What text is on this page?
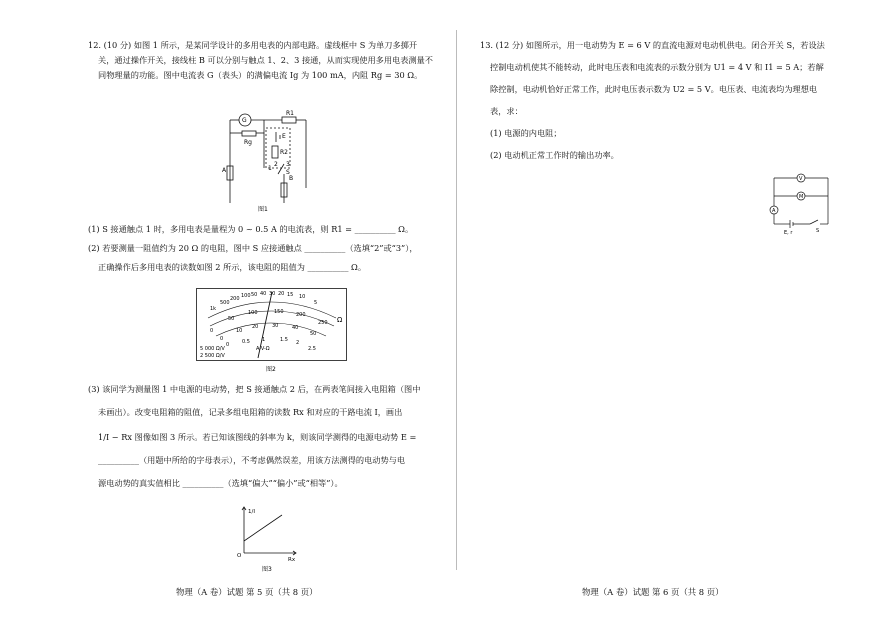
12. (10 分) 如图 1 所示，是某同学设计的多用电表的内部电路。虚线框中 S 为单刀多掷开

关，通过操作开关，接线柱 B 可以分别与触点 1、2、3 接通，从而实现使用多用电表测量不

同物理量的功能。图中电流表 G（表头）的满偏电流 Ig 为 100 mA，内阻 Rg = 30 Ω。

G
Rg
R1
E
R2
1
2 3
S
A
B
图1

(1) S 接通触点 1 时，多用电表是量程为 0 ~ 0.5 A 的电流表，则 R1 = __________ Ω。

(2) 若要测量一阻值约为 20 Ω 的电阻，图中 S 应接通触点 __________（选填“2”或“3”），

正确操作后多用电表的读数如图 2 所示，该电阻的阻值为 __________ Ω。

1k
500
200 100 50 40 30 20 15 10
5
Ω
0
50
100	150 200
250
0
10
20	30	40
50
0	0.5 1	1.5 2
2.5
5 000 Ω/V
2 500 Ω/V
A-V-Ω
图2

(3) 该同学为测量图 1 中电源的电动势，把 S 接通触点 2 后，在两表笔间接入电阻箱（图中

未画出）。改变电阻箱的阻值，记录多组电阻箱的读数 Rx 和对应的干路电流 I，画出

1/I − Rx 图像如图 3 所示。若已知该图线的斜率为 k，则该同学测得的电源电动势 E =

__________（用题中所给的字母表示），不考虑偶然误差，用该方法测得的电动势与电

源电动势的真实值相比 __________（选填“偏大”“偏小”或“相等”）。

1/I
Rx
O
图3

13. (12 分) 如图所示，用一电动势为 E = 6 V 的直流电源对电动机供电。闭合开关 S，若设法

控制电动机使其不能转动，此时电压表和电流表的示数分别为 U1 = 4 V 和 I1 = 5 A；若解

除控制，电动机恰好正常工作，此时电压表示数为 U2 = 5 V。电压表、电流表均为理想电

表，求：

(1) 电源的内电阻；

(2) 电动机正常工作时的输出功率。

V
M
A
E, r	S
物理（A 卷）试题 第 5 页（共 8 页）	物理（A 卷）试题 第 6 页（共 8 页）
